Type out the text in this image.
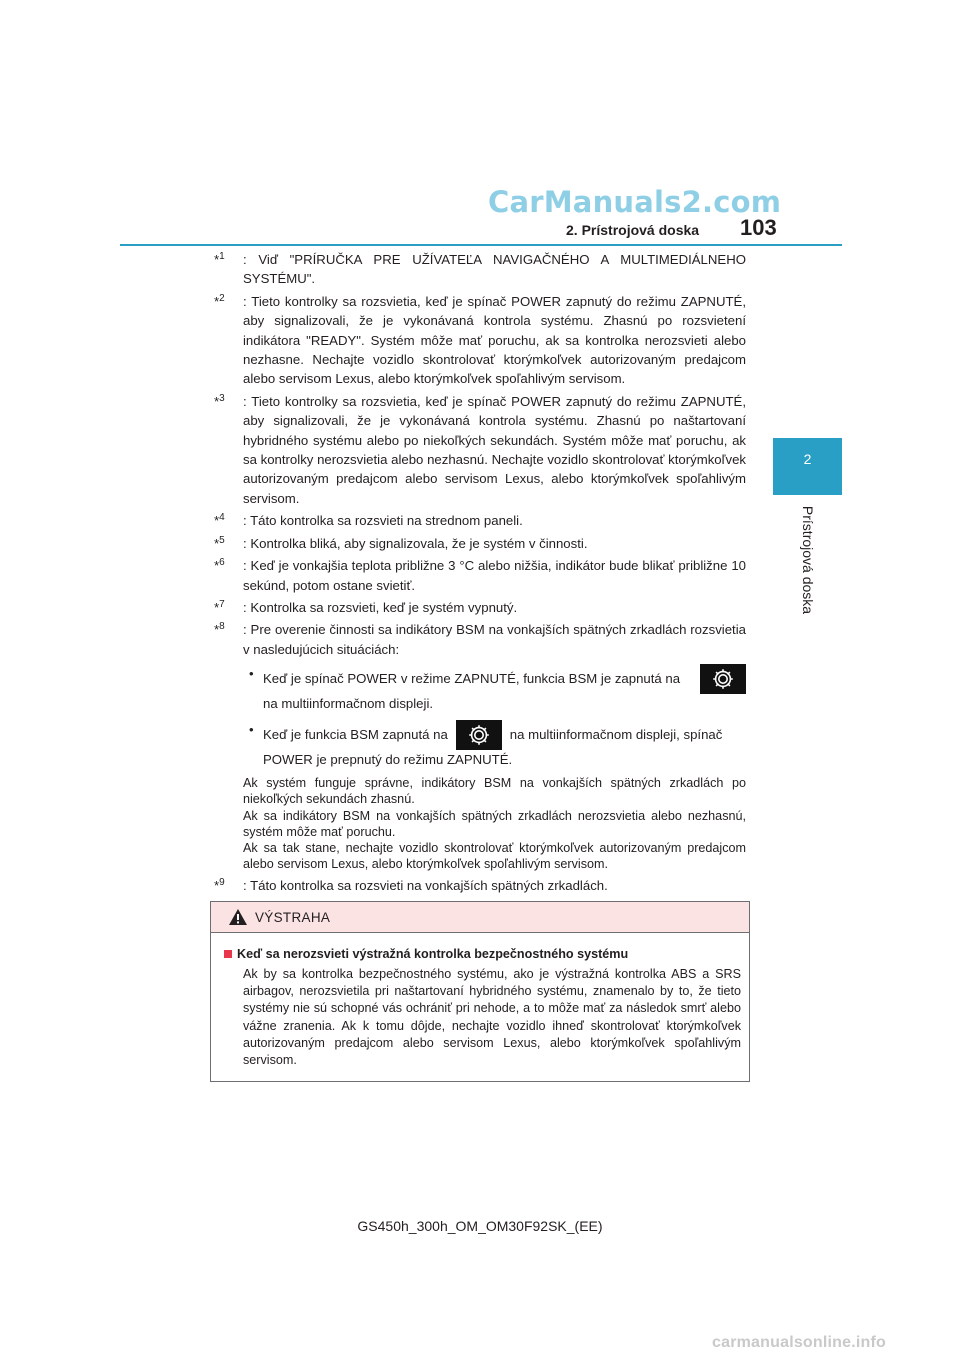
CarManuals2.com
2. Prístrojová doska 103
2
Prístrojová doska
*$^1$ : Viď "PRÍRUČKA PRE UŽÍVATEĽA NAVIGAČNÉHO A MULTIMEDIÁLNEHO SYSTÉMU".
*$^2$ : Tieto kontrolky sa rozsvietia, keď je spínač POWER zapnutý do režimu ZAPNUTÉ, aby signalizovali, že je vykonávaná kontrola systému. Zhasnú po rozsvietení indikátora "READY". Systém môže mať poruchu, ak sa kontrolka nerozsvieti alebo nezhasne. Nechajte vozidlo skontrolovať ktorýmkoľvek autorizovaným predajcom alebo servisom Lexus, alebo ktorýmkoľvek spoľahlivým servisom.
*$^3$ : Tieto kontrolky sa rozsvietia, keď je spínač POWER zapnutý do režimu ZAPNUTÉ, aby signalizovali, že je vykonávaná kontrola systému. Zhasnú po naštartovaní hybridného systému alebo po niekoľkých sekundách. Systém môže mať poruchu, ak sa kontrolky nerozsvietia alebo nezhasnú. Nechajte vozidlo skontrolovať ktorýmkoľvek autorizovaným predajcom alebo servisom Lexus, alebo ktorýmkoľvek spoľahlivým servisom.
*$^4$ : Táto kontrolka sa rozsvieti na strednom paneli.
*$^5$ : Kontrolka bliká, aby signalizovala, že je systém v činnosti.
*$^6$ : Keď je vonkajšia teplota približne 3 °C alebo nižšia, indikátor bude blikať približne 10 sekúnd, potom ostane svietiť.
*$^7$ : Kontrolka sa rozsvieti, keď je systém vypnutý.
*$^8$ : Pre overenie činnosti sa indikátory BSM na vonkajších spätných zrkadlách rozsvietia v nasledujúcich situáciách:
• Keď je spínač POWER v režime ZAPNUTÉ, funkcia BSM je zapnutá na
na multiinformačnom displeji.
• Keď je funkcia BSM zapnutá na	na multiinformačnom displeji, spínač
POWER je prepnutý do režimu ZAPNUTÉ.
Ak systém funguje správne, indikátory BSM na vonkajších spätných zrkadlách po niekoľkých sekundách zhasnú.
Ak sa indikátory BSM na vonkajších spätných zrkadlách nerozsvietia alebo nezhasnú, systém môže mať poruchu.
Ak sa tak stane, nechajte vozidlo skontrolovať ktorýmkoľvek autorizovaným predajcom alebo servisom Lexus, alebo ktorýmkoľvek spoľahlivým servisom.
*$^9$ : Táto kontrolka sa rozsvieti na vonkajších spätných zrkadlách.
VÝSTRAHA
Keď sa nerozsvieti výstražná kontrolka bezpečnostného systému
Ak by sa kontrolka bezpečnostného systému, ako je výstražná kontrolka ABS a SRS airbagov, nerozsvietila pri naštartovaní hybridného systému, znamenalo by to, že tieto systémy nie sú schopné vás ochrániť pri nehode, a to môže mať za následok smrť alebo vážne zranenia. Ak k tomu dôjde, nechajte vozidlo ihneď skontrolovať ktorýmkoľvek autorizovaným predajcom alebo servisom Lexus, alebo ktorýmkoľvek spoľahlivým servisom.
GS450h_300h_OM_OM30F92SK_(EE)
carmanualsonline.info
